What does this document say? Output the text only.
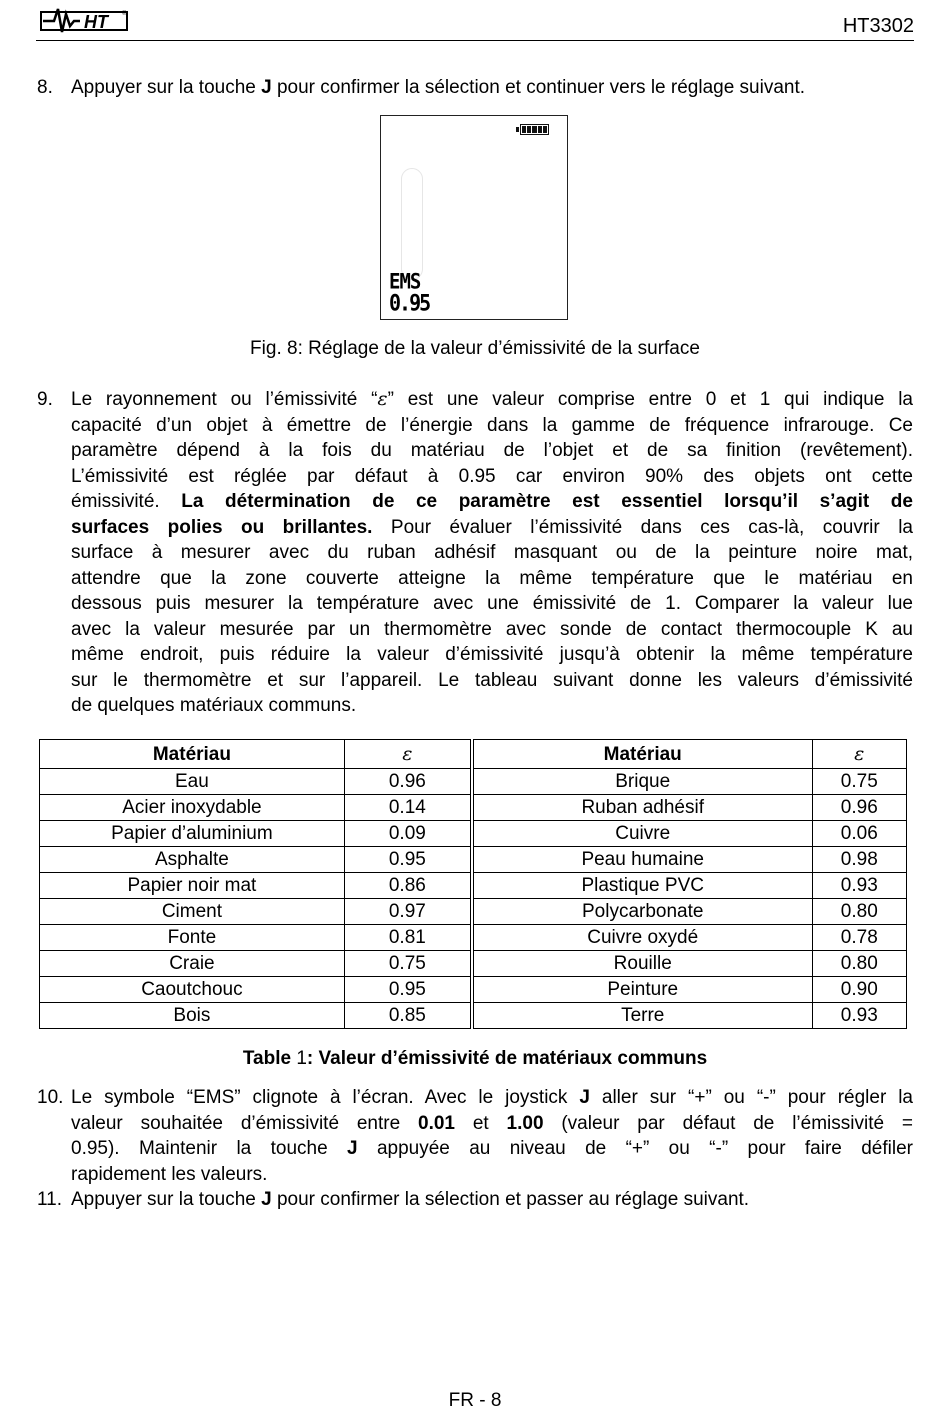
HT	®
HT3302
8. Appuyer sur la touche J pour confirmer la sélection et continuer vers le réglage suivant.
EMS
0.95
Fig. 8: Réglage de la valeur d’émissivité de la surface
9. Le rayonnement ou l’émissivité “ε” est une valeur comprise entre 0 et 1 qui indique la
capacité d’un objet à émettre de l’énergie dans la gamme de fréquence infrarouge. Ce
paramètre dépend à la fois du matériau de l’objet et de sa finition (revêtement).
L’émissivité est réglée par défaut à 0.95 car environ 90% des objets ont cette
émissivité. La détermination de ce paramètre est essentiel lorsqu’il s’agit de
surfaces polies ou brillantes. Pour évaluer l’émissivité dans ces cas-là, couvrir la
surface à mesurer avec du ruban adhésif masquant ou de la peinture noire mat,
attendre que la zone couverte atteigne la même température que le matériau en
dessous puis mesurer la température avec une émissivité de 1. Comparer la valeur lue
avec la valeur mesurée par un thermomètre avec sonde de contact thermocouple K au
même endroit, puis réduire la valeur d’émissivité jusqu’à obtenir la même température
sur le thermomètre et sur l’appareil. Le tableau suivant donne les valeurs d’émissivité
de quelques matériaux communs.
Matériau	ε	Matériau	ε
Eau	0.96	Brique	0.75
Acier inoxydable	0.14	Ruban adhésif	0.96
Papier d’aluminium	0.09	Cuivre	0.06
Asphalte	0.95	Peau humaine	0.98
Papier noir mat	0.86	Plastique PVC	0.93
Ciment	0.97	Polycarbonate	0.80
Fonte	0.81	Cuivre oxydé	0.78
Craie	0.75	Rouille	0.80
Caoutchouc	0.95	Peinture	0.90
Bois	0.85	Terre	0.93
Table 1: Valeur d’émissivité de matériaux communs
10. Le symbole “EMS” clignote à l’écran. Avec le joystick J aller sur “+” ou “-” pour régler la
valeur souhaitée d’émissivité entre 0.01 et 1.00 (valeur par défaut de l’émissivité =
0.95). Maintenir la touche J appuyée au niveau de “+” ou “-” pour faire défiler
rapidement les valeurs.
11. Appuyer sur la touche J pour confirmer la sélection et passer au réglage suivant.
FR - 8
